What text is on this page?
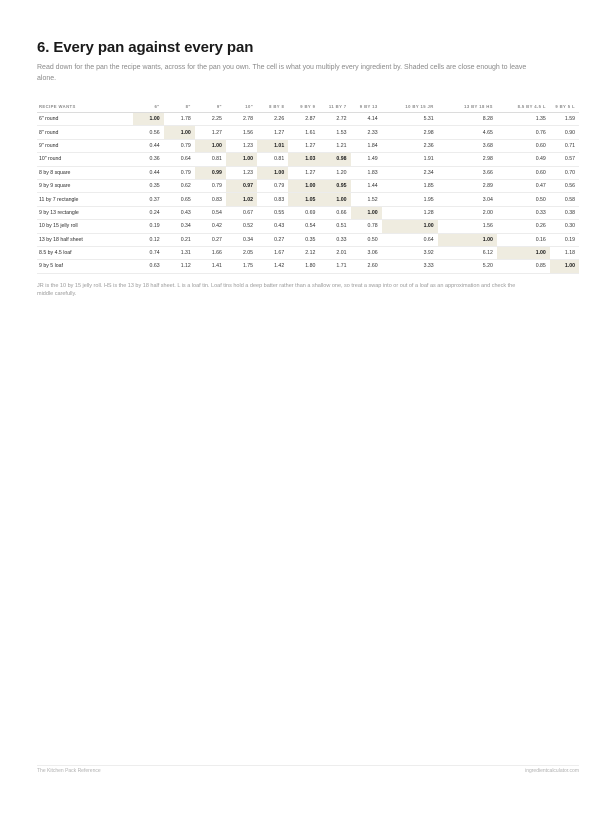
6. Every pan against every pan

Read down for the pan the recipe wants, across for the pan you own. The cell is what you multiply every ingredient by. Shaded cells are close enough to leave alone.

RECIPE WANTS	6"	8"	9"	10"	8 BY 8	9 BY 9	11 BY 7	9 BY 13	10 BY 15 JR	13 BY 18 HS	8.5 BY 4.5 L	9 BY 5 L
6" round	1.00	1.78	2.25	2.78	2.26	2.87	2.72	4.14	5.31	8.28	1.35	1.59
8" round	0.56	1.00	1.27	1.56	1.27	1.61	1.53	2.33	2.98	4.65	0.76	0.90
9" round	0.44	0.79	1.00	1.23	1.01	1.27	1.21	1.84	2.36	3.68	0.60	0.71
10" round	0.36	0.64	0.81	1.00	0.81	1.03	0.98	1.49	1.91	2.98	0.49	0.57
8 by 8 square	0.44	0.79	0.99	1.23	1.00	1.27	1.20	1.83	2.34	3.66	0.60	0.70
9 by 9 square	0.35	0.62	0.79	0.97	0.79	1.00	0.95	1.44	1.85	2.89	0.47	0.56
11 by 7 rectangle	0.37	0.65	0.83	1.02	0.83	1.05	1.00	1.52	1.95	3.04	0.50	0.58
9 by 13 rectangle	0.24	0.43	0.54	0.67	0.55	0.69	0.66	1.00	1.28	2.00	0.33	0.38
10 by 15 jelly roll	0.19	0.34	0.42	0.52	0.43	0.54	0.51	0.78	1.00	1.56	0.26	0.30
13 by 18 half sheet	0.12	0.21	0.27	0.34	0.27	0.35	0.33	0.50	0.64	1.00	0.16	0.19
8.5 by 4.5 loaf	0.74	1.31	1.66	2.05	1.67	2.12	2.01	3.06	3.92	6.12	1.00	1.18
9 by 5 loaf	0.63	1.12	1.41	1.75	1.42	1.80	1.71	2.60	3.33	5.20	0.85	1.00

JR is the 10 by 15 jelly roll. HS is the 13 by 18 half sheet. L is a loaf tin. Loaf tins hold a deep batter rather than a shallow one, so treat a swap into or out of a loaf as an approximation and check the middle carefully.

The Kitchen Pack Reference	ingredientcalculator.com
